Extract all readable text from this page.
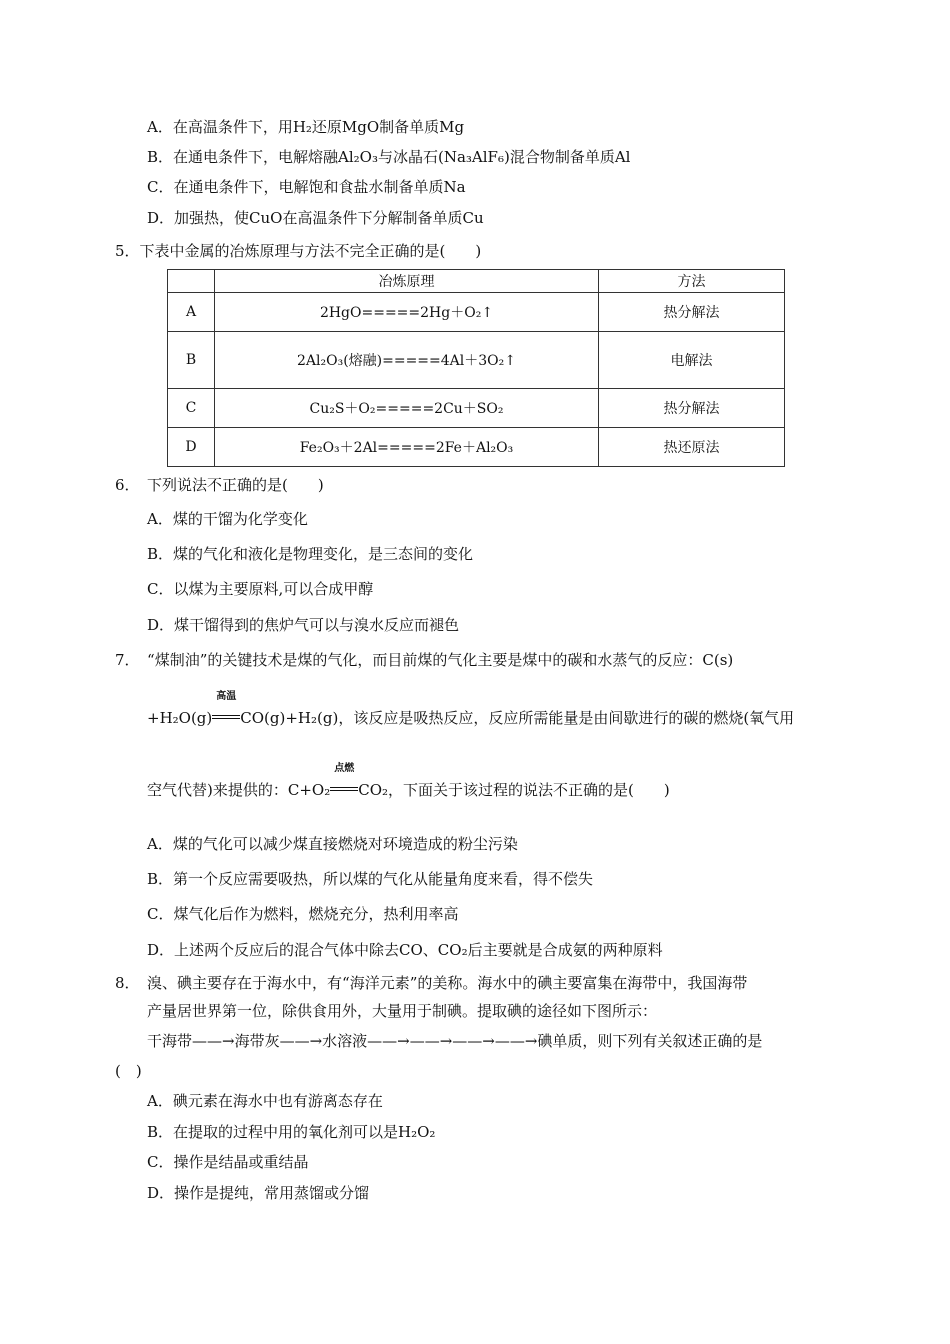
A．在高温条件下，用H₂还原MgO制备单质Mg
B．在通电条件下，电解熔融Al₂O₃与冰晶石(Na₃AlF₆)混合物制备单质Al
C．在通电条件下，电解饱和食盐水制备单质Na
D．加强热，使CuO在高温条件下分解制备单质Cu
5．下表中金属的冶炼原理与方法不完全正确的是(　　)
	冶炼原理	方法
A	2HgO=====2Hg＋O₂↑	热分解法
B	2Al₂O₃(熔融)=====4Al＋3O₂↑	电解法
C	Cu₂S＋O₂=====2Cu＋SO₂	热分解法
D	Fe₂O₃＋2Al=====2Fe＋Al₂O₃	热还原法
6．　下列说法不正确的是(　　)
A．煤的干馏为化学变化
B．煤的气化和液化是物理变化，是三态间的变化
C．以煤为主要原料,可以合成甲醇
D．煤干馏得到的焦炉气可以与溴水反应而褪色
7．　“煤制油”的关键技术是煤的气化，而目前煤的气化主要是煤中的碳和水蒸气的反应：C(s)
+H₂O(g)
高温
CO(g)+H₂(g)，该反应是吸热反应，反应所需能量是由间歇进行的碳的燃烧(氧气用
空气代替)来提供的：C+O₂
点燃
CO₂，下面关于该过程的说法不正确的是(　　)
A．煤的气化可以减少煤直接燃烧对环境造成的粉尘污染
B．第一个反应需要吸热，所以煤的气化从能量角度来看，得不偿失
C．煤气化后作为燃料，燃烧充分，热利用率高
D．上述两个反应后的混合气体中除去CO、CO₂后主要就是合成氨的两种原料
8．　溴、碘主要存在于海水中，有“海洋元素”的美称。海水中的碘主要富集在海带中，我国海带
产量居世界第一位，除供食用外，大量用于制碘。提取碘的途径如下图所示：
干海带——→海带灰——→水溶液——→——→——→——→碘单质，则下列有关叙述正确的是
(　)
A．碘元素在海水中也有游离态存在
B．在提取的过程中用的氧化剂可以是H₂O₂
C．操作是结晶或重结晶
D．操作是提纯，常用蒸馏或分馏
